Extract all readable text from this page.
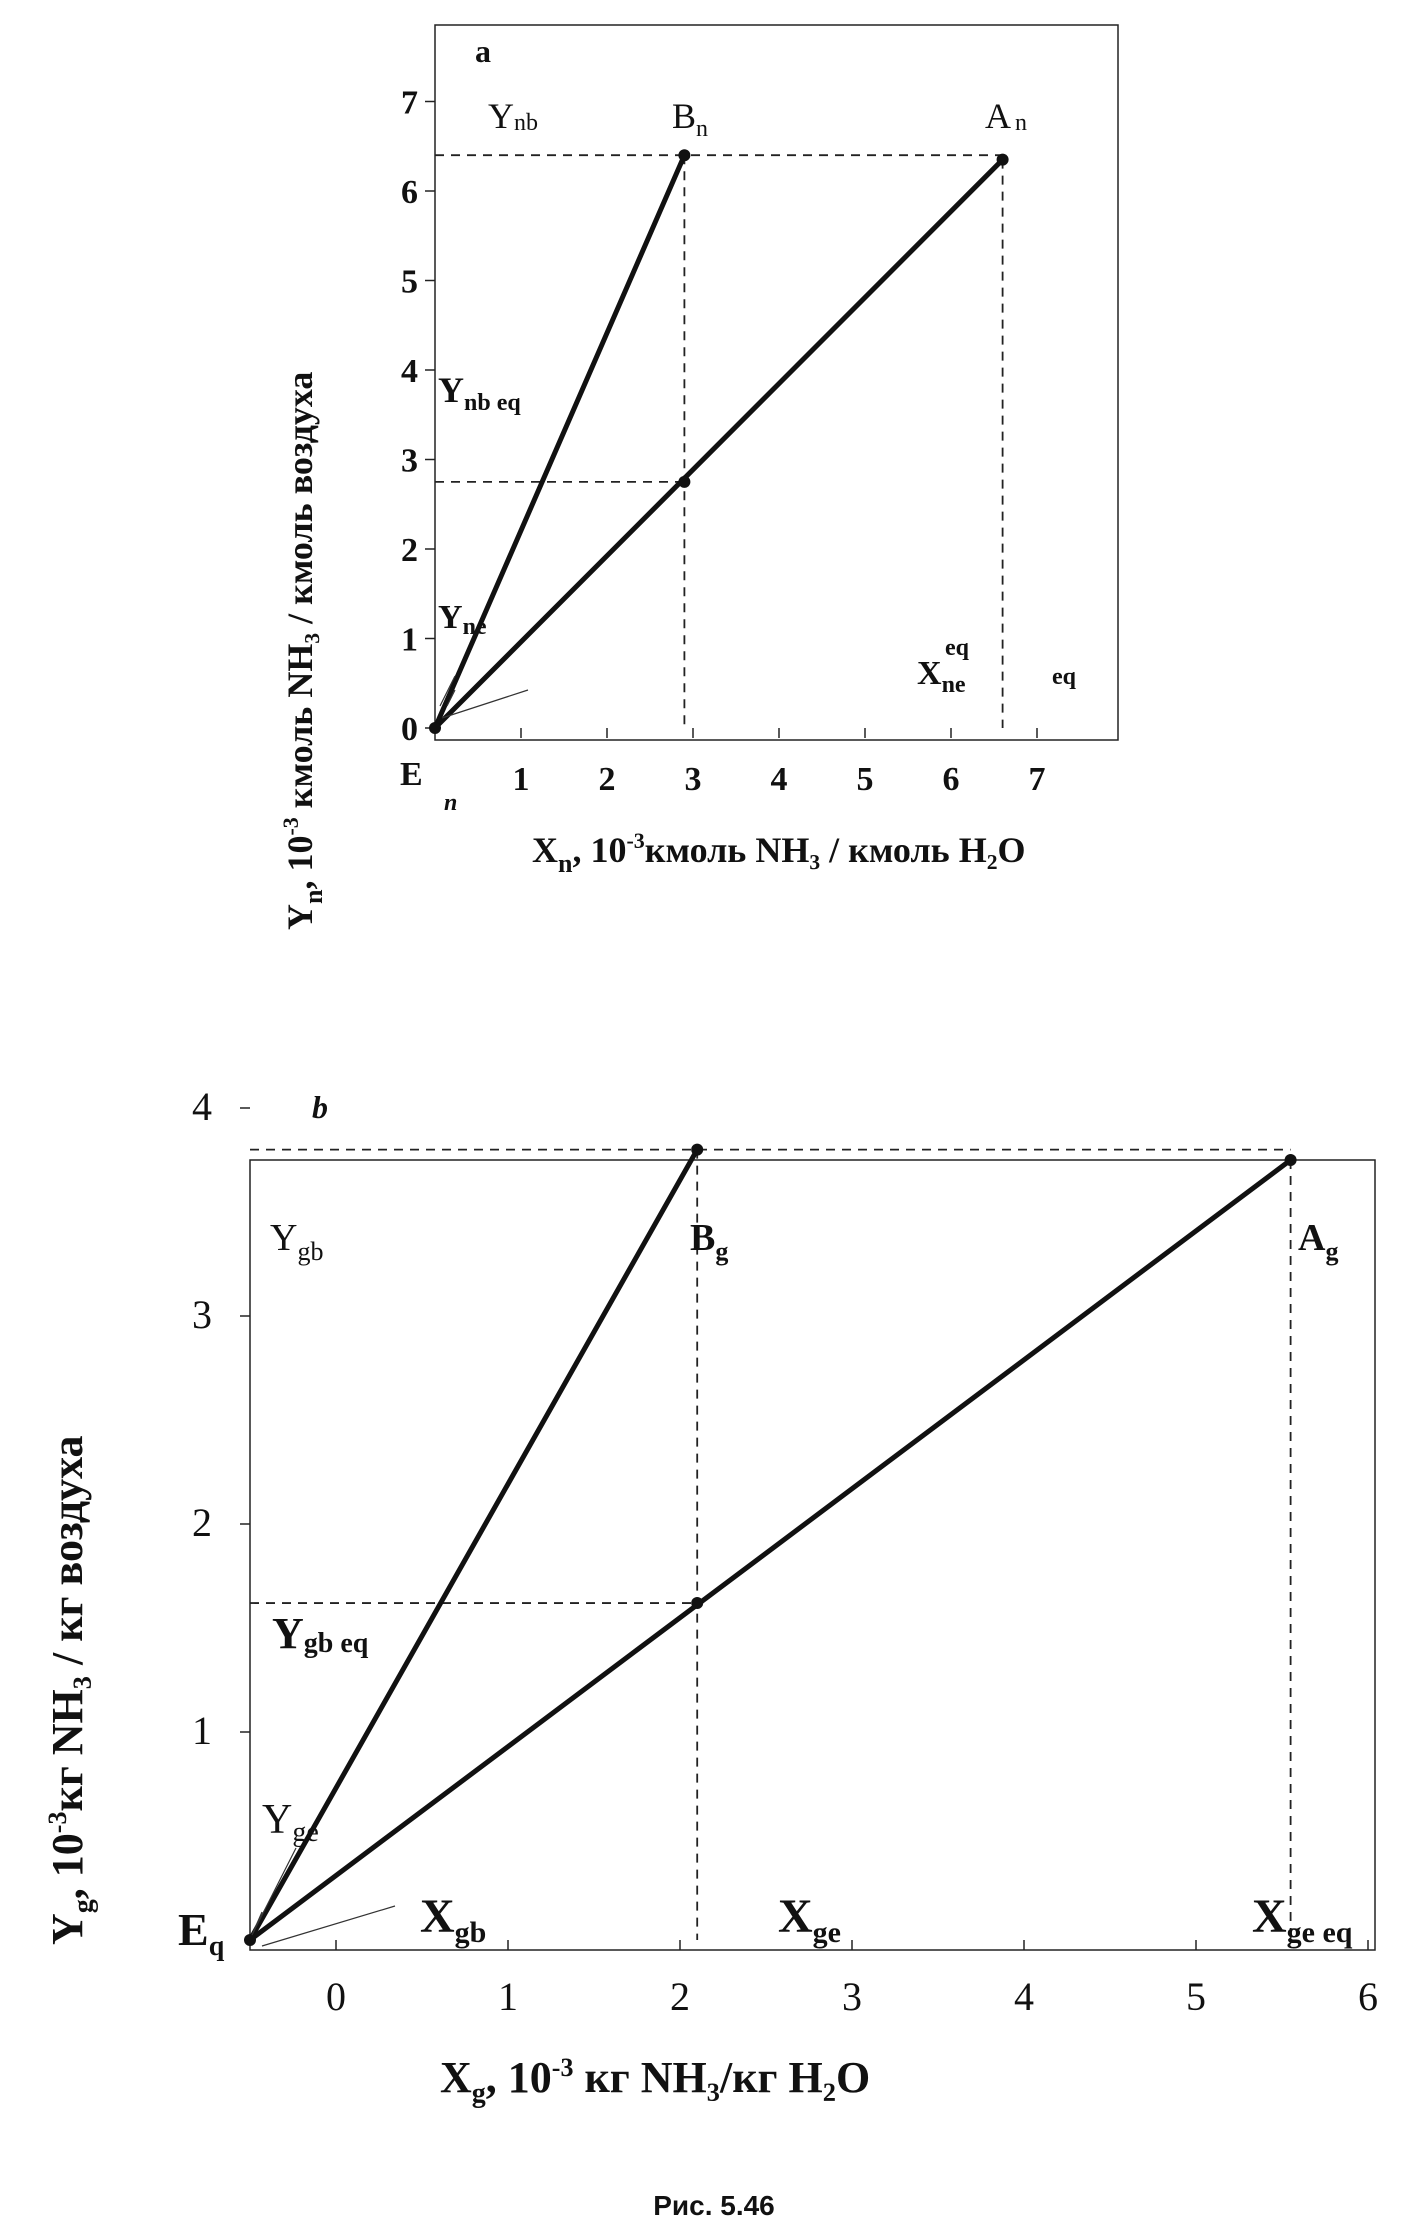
a
1 2 3 4 5 6 7
0
1
2
3
4
5
6
7 Ynb	$B_n$	An
$Y_{nb eq}$
Yne
$X_{ne}$
eq
eq
E
n
$X_n$, $10^{-3}кмоль$ NH₃ / кмоль H₂O
$Y_n$, $10^{-3}$ кмоль NH₃ / кмоль воздуха
b
0	1	2	3	4	5	6
1
2
3
4
$Y_{gb}$	$B_g$	$A_g$
Ygb eq
Yge
$X_{gb}$	$X_{ge}$	$X_{ge eq}$
$E_q$
$X_g$, $10^{-3}$ кг NH₃/кг H₂O
$Y_g$, $10^{-3}кг$ NH₃ / кг воздуха
Рис. 5.46
